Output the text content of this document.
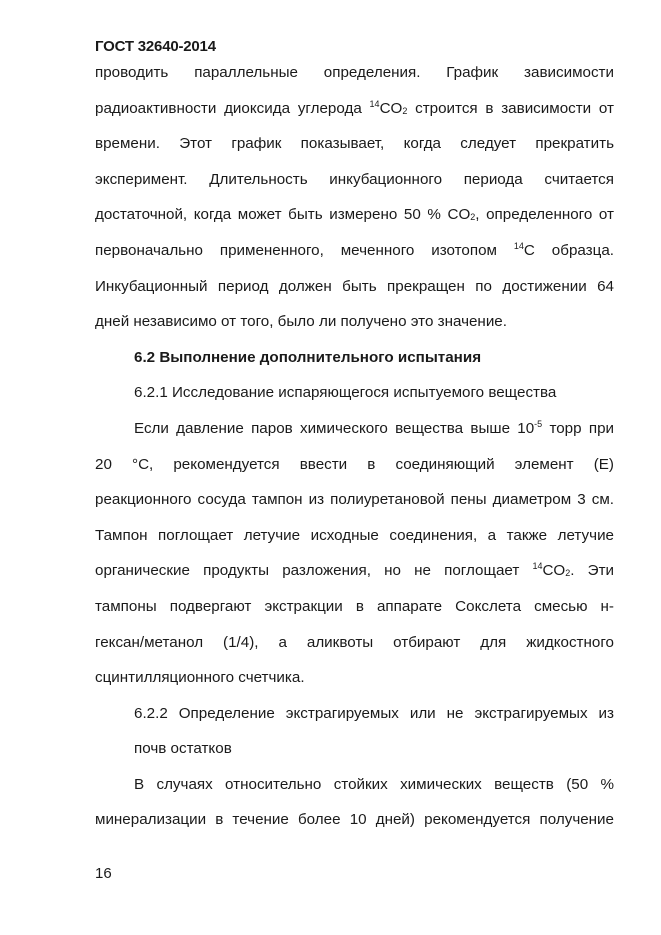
ГОСТ 32640-2014
проводить параллельные определения. График зависимости
радиоактивности диоксида углерода $^{14}CO_2$ строится в зависимости от
времени. Этот график показывает, когда следует прекратить
эксперимент. Длительность инкубационного периода считается
достаточной, когда может быть измерено 50 % $CO_2$, определенного от
первоначально примененного, меченного изотопом $^{14}$С образца.
Инкубационный период должен быть прекращен по достижении 64
дней независимо от того, было ли получено это значение.
6.2 Выполнение дополнительного испытания
6.2.1 Исследование испаряющегося испытуемого вещества
Если давление паров химического вещества выше $10^{-5}$ торр при
20 °С, рекомендуется ввести в соединяющий элемент (Е)
реакционного сосуда тампон из полиуретановой пены диаметром 3 см.
Тампон поглощает летучие исходные соединения, а также летучие
органические продукты разложения, но не поглощает $^{14}CO_2$. Эти
тампоны подвергают экстракции в аппарате Сокслета смесью н-
гексан/метанол (1/4), а аликвоты отбирают для жидкостного
сцинтилляционного счетчика.
6.2.2 Определение экстрагируемых или не экстрагируемых из
почв остатков
В случаях относительно стойких химических веществ (50 %
минерализации в течение более 10 дней) рекомендуется получение
16
